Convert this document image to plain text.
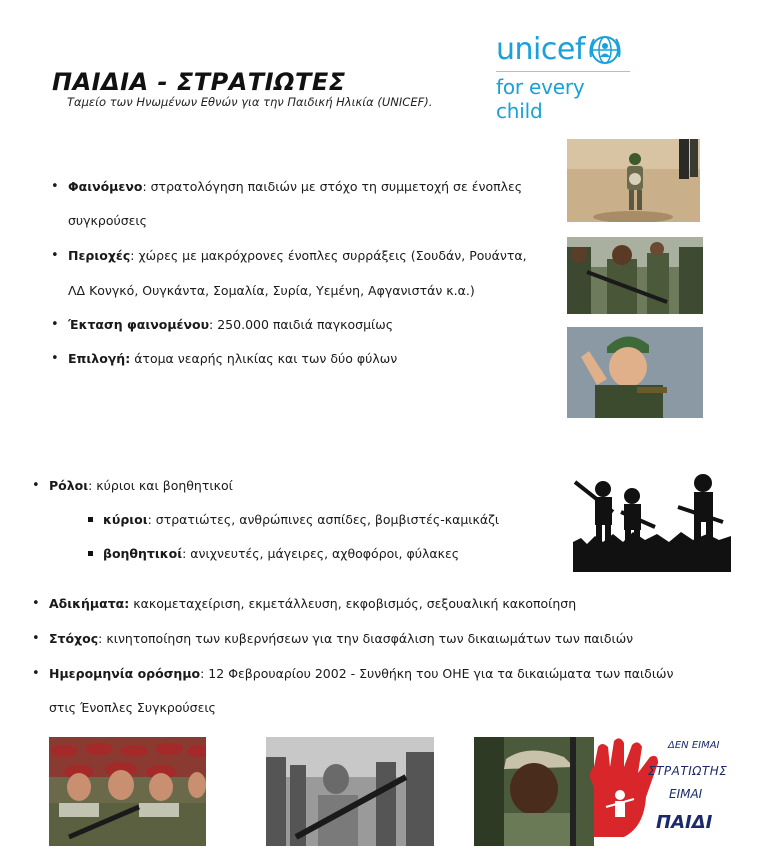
ΠΑΙΔΙΑ - ΣΤΡΑΤΙΩΤΕΣ
Ταμείο των Ηνωμένων Εθνών για την Παιδική Ηλικία (UNICEF).
unicef
for every child
• Φαινόμενο: στρατολόγηση παιδιών με στόχο τη συμμετοχή σε ένοπλες
συγκρούσεις
• Περιοχές: χώρες με μακρόχρονες ένοπλες συρράξεις (Σουδάν, Ρουάντα,
ΛΔ Κονγκό, Ουγκάντα, Σομαλία, Συρία, Υεμένη, Αφγανιστάν κ.α.)
• Έκταση φαινομένου: 250.000 παιδιά παγκοσμίως
• Επιλογή: άτομα νεαρής ηλικίας και των δύο φύλων
• Ρόλοι: κύριοι και βοηθητικοί
κύριοι: στρατιώτες, ανθρώπινες ασπίδες, βομβιστές-καμικάζι
βοηθητικοί: ανιχνευτές, μάγειρες, αχθοφόροι, φύλακες
• Αδικήματα: κακομεταχείριση, εκμετάλλευση, εκφοβισμός, σεξουαλική κακοποίηση
• Στόχος: κινητοποίηση των κυβερνήσεων για την διασφάλιση των δικαιωμάτων των παιδιών
• Ημερομηνία ορόσημο: 12 Φεβρουαρίου 2002 - Συνθήκη του ΟΗΕ για τα δικαιώματα των παιδιών
στις Ένοπλες Συγκρούσεις
ΔΕΝ ΕΙΜΑΙ
ΣΤΡΑΤΙΩΤΗΣ
ΕΙΜΑΙ
ΠΑΙΔΙ
